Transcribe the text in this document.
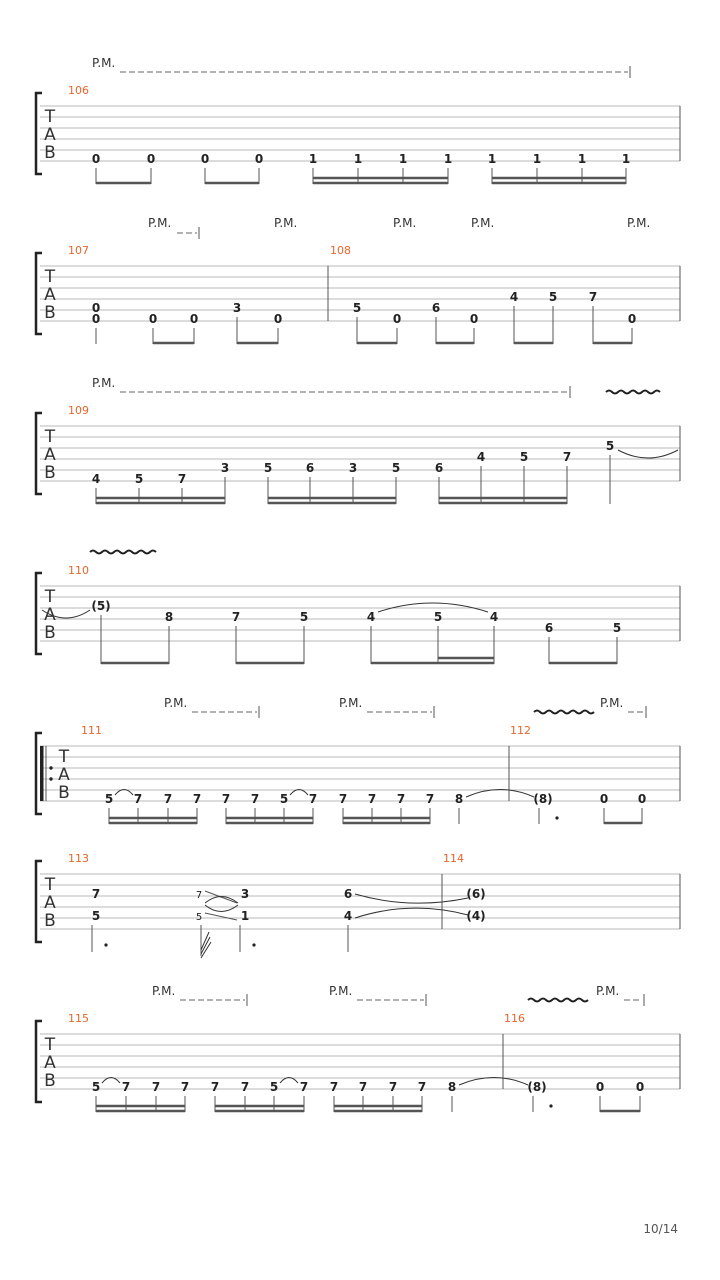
P.M.
106
T
A
B	0	0	0	0	1	1	1	1	1	1	1	1
P.M.	P.M.	P.M.	P.M.	P.M.
107	108
T
A
B	0
0	0	0
3
0
5
0
6
0
4	5	7
0
P.M.
109
T
A
B	4	5	7
3	5	6	3	5	6
4	5	7
5
110
T
A
B
(5)
8	7	5	4	5	4
6	5
P.M.	P.M.	P.M.
111	112
T
A
B	5 7 7 7 7 7 5 7 7 7 7 7 8	(8)	0 0
113	114
T
A
B
7
5
7
5
3
1
6
4
(6)
(4)
P.M.	P.M.	P.M.
115	116
T
A
B	5 7 7 7 7 7 5 7 7 7 7 7 8	(8)	0	0
10/14
